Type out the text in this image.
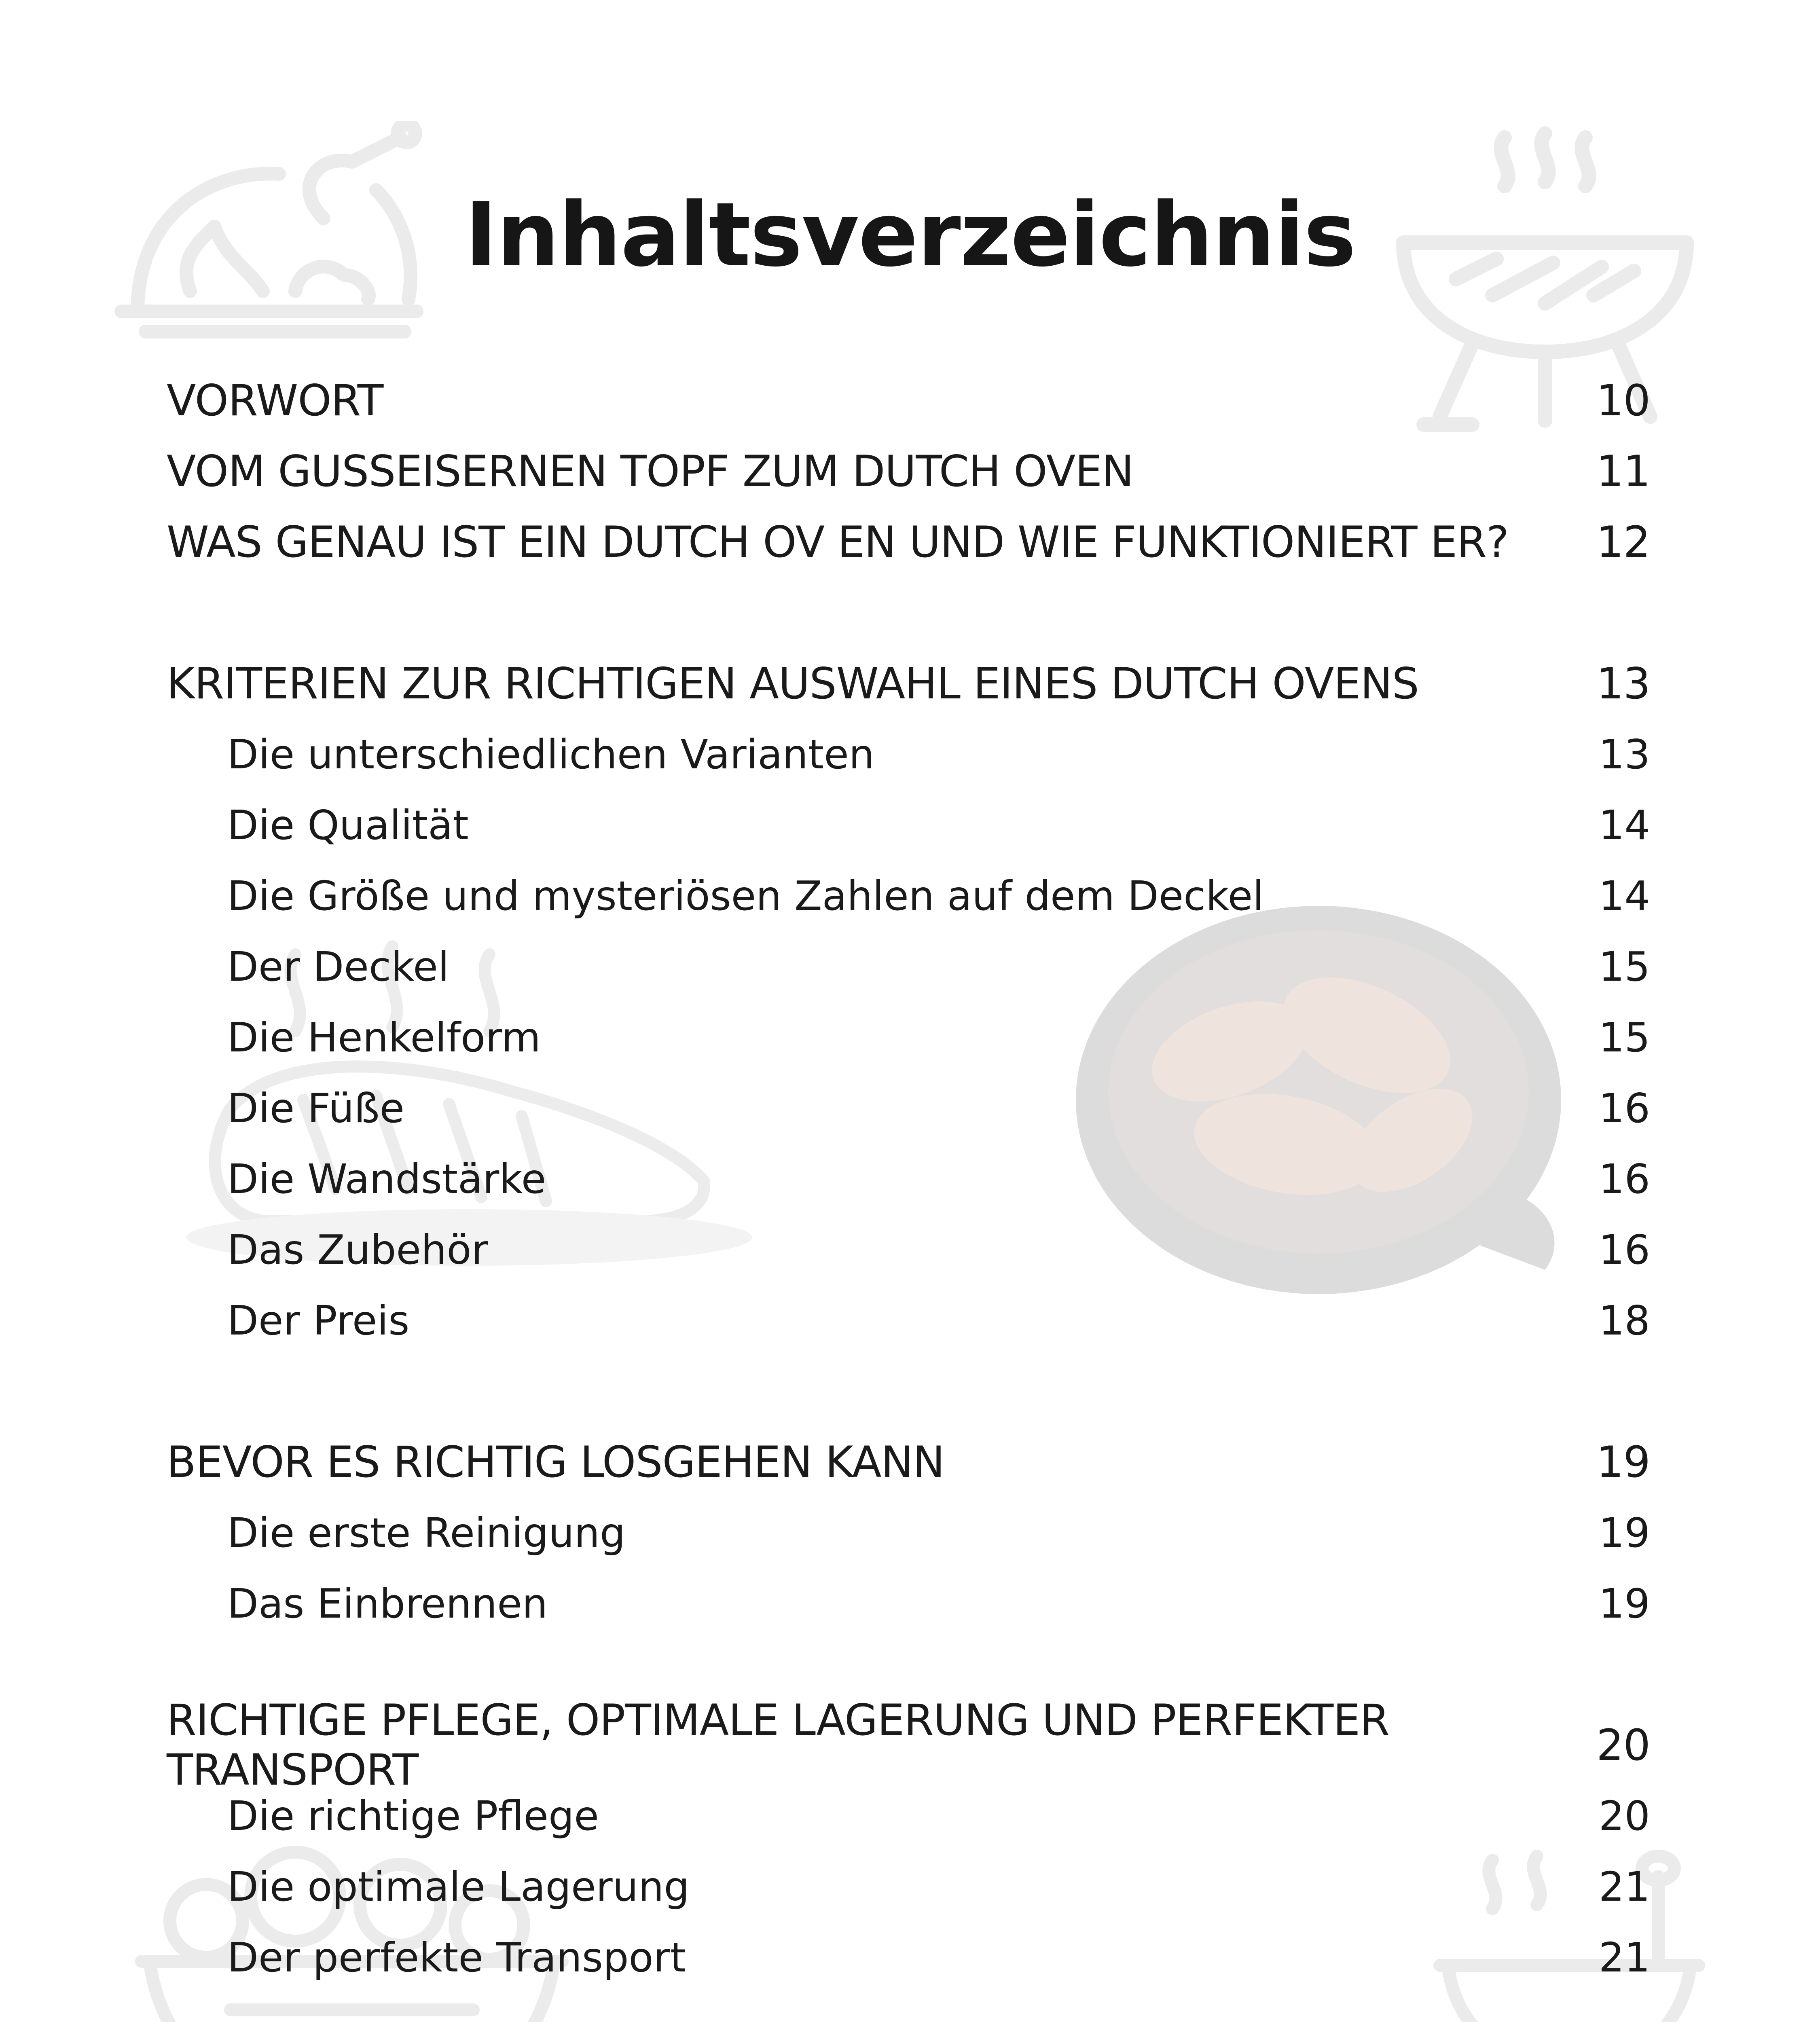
Inhaltsverzeichnis
VORWORT	10
VOM GUSSEISERNEN TOPF ZUM DUTCH OVEN	11
WAS GENAU IST EIN DUTCH OV EN UND WIE FUNKTIONIERT ER?	12
KRITERIEN ZUR RICHTIGEN AUSWAHL EINES DUTCH OVENS	13
Die unterschiedlichen Varianten	13
Die Qualität	14
Die Größe und mysteriösen Zahlen auf dem Deckel	14
Der Deckel	15
Die Henkelform	15
Die Füße	16
Die Wandstärke	16
Das Zubehör	16
Der Preis	18
BEVOR ES RICHTIG LOSGEHEN KANN	19
Die erste Reinigung	19
Das Einbrennen	19
RICHTIGE PFLEGE, OPTIMALE LAGERUNG UND PERFEKTER TRANSPORT	20
Die richtige Pflege	20
Die optimale Lagerung	21
Der perfekte Transport	21
